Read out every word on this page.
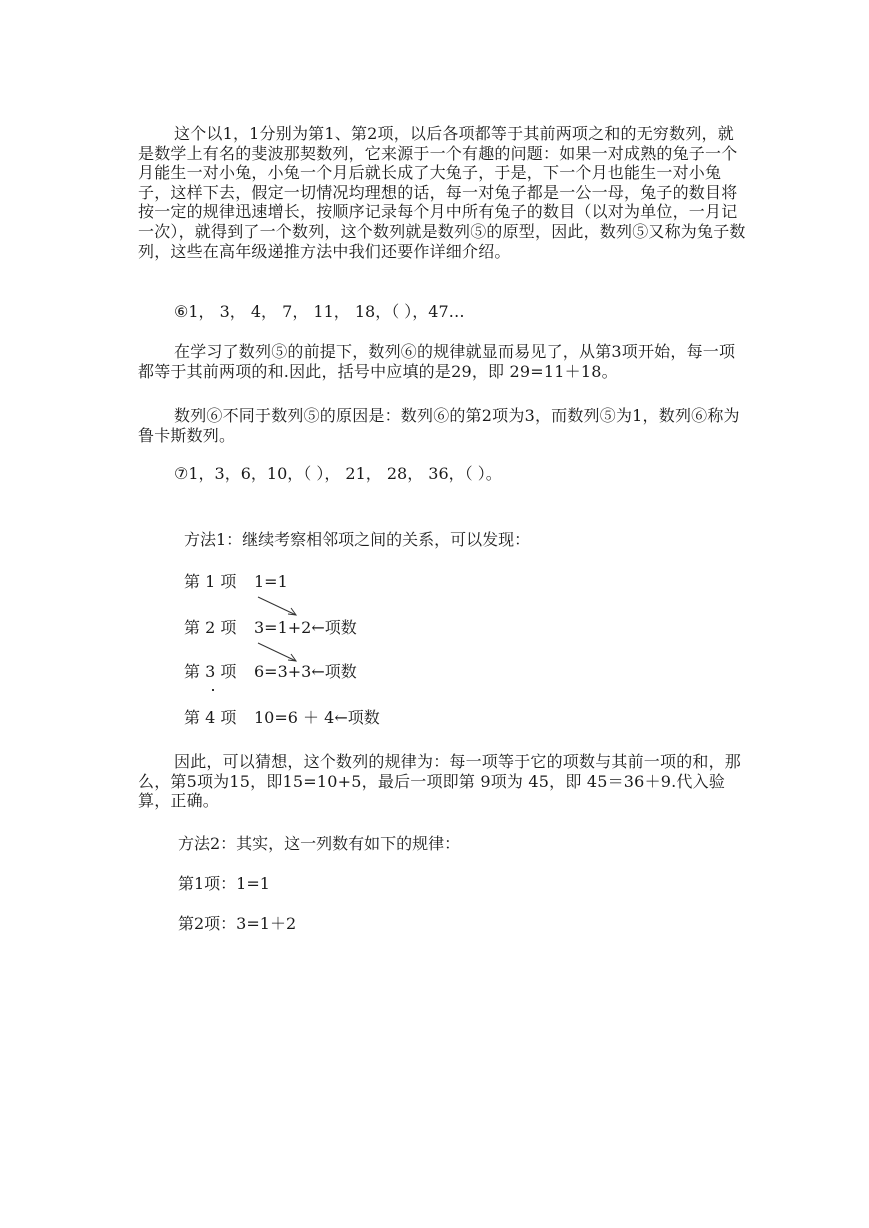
这个以1，1分别为第1、第2项，以后各项都等于其前两项之和的无穷数列，就是数学上有名的斐波那契数列，它来源于一个有趣的问题：如果一对成熟的兔子一个月能生一对小兔，小兔一个月后就长成了大兔子，于是，下一个月也能生一对小兔子，这样下去，假定一切情况均理想的话，每一对兔子都是一公一母，兔子的数目将按一定的规律迅速增长，按顺序记录每个月中所有兔子的数目（以对为单位，一月记一次），就得到了一个数列，这个数列就是数列⑤的原型，因此，数列⑤又称为兔子数列，这些在高年级递推方法中我们还要作详细介绍。

⑥1， 3， 4， 7， 11， 18，（ ），47…

在学习了数列⑤的前提下，数列⑥的规律就显而易见了，从第3项开始，每一项都等于其前两项的和.因此，括号中应填的是29，即 29=11＋18。

数列⑥不同于数列⑤的原因是：数列⑥的第2项为3，而数列⑤为1，数列⑥称为鲁卡斯数列。

⑦1，3，6，10，（ ）， 21， 28， 36，（ ）。

方法1：继续考察相邻项之间的关系，可以发现：

第 1 项 1=1
第 2 项 3=1+2←项数
第 3 项 6=3+3←项数
第 4 项 10=6 ＋ 4←项数

因此，可以猜想，这个数列的规律为：每一项等于它的项数与其前一项的和，那么，第5项为15，即15=10+5，最后一项即第 9项为 45，即 45＝36＋9.代入验算，正确。

方法2：其实，这一列数有如下的规律：

第1项：1=1

第2项：3=1＋2
